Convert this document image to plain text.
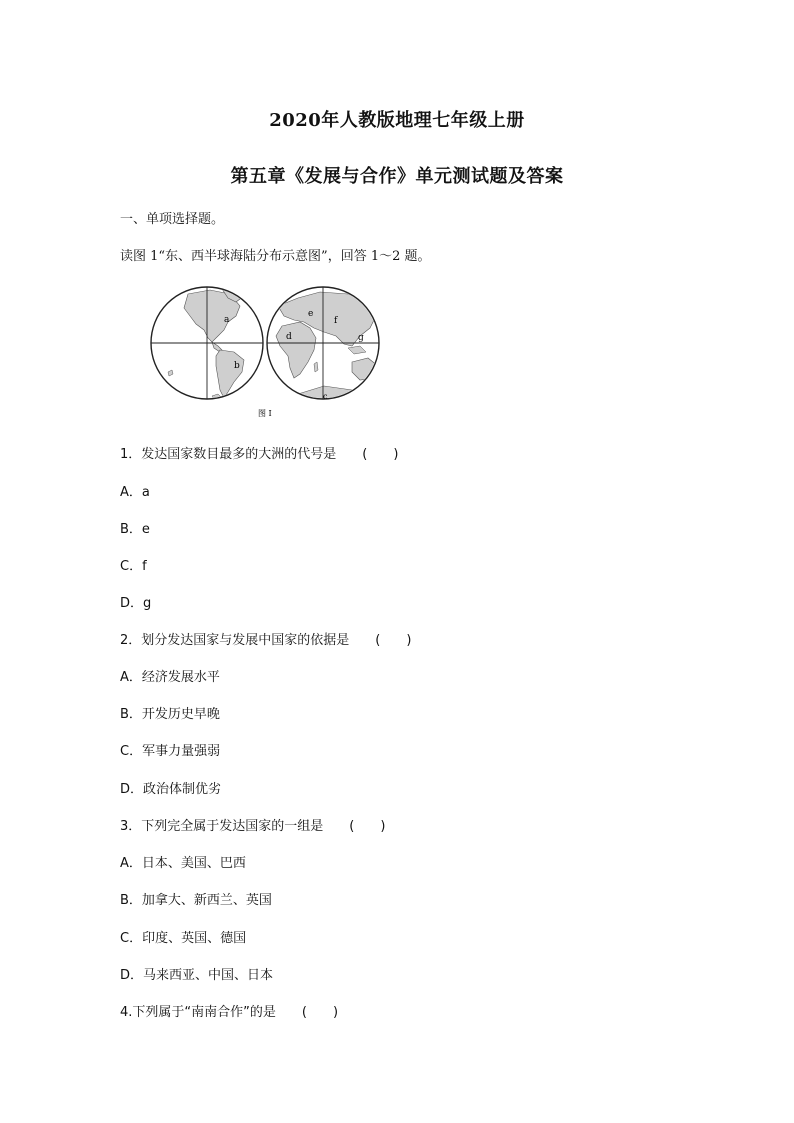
2020年人教版地理七年级上册
第五章《发展与合作》单元测试题及答案
一、单项选择题。
读图 1“东、西半球海陆分布示意图”，回答 1～2 题。
a
b
c
d
e
f
g
图 I
1．发达国家数目最多的大洲的代号是　　(　　)
A．a
B．e
C．f
D．g
2．划分发达国家与发展中国家的依据是　　(　　)
A．经济发展水平
B．开发历史早晚
C．军事力量强弱
D．政治体制优劣
3．下列完全属于发达国家的一组是　　(　　)
A．日本、美国、巴西
B．加拿大、新西兰、英国
C．印度、英国、德国
D．马来西亚、中国、日本
4.下列属于“南南合作”的是　　(　　)
